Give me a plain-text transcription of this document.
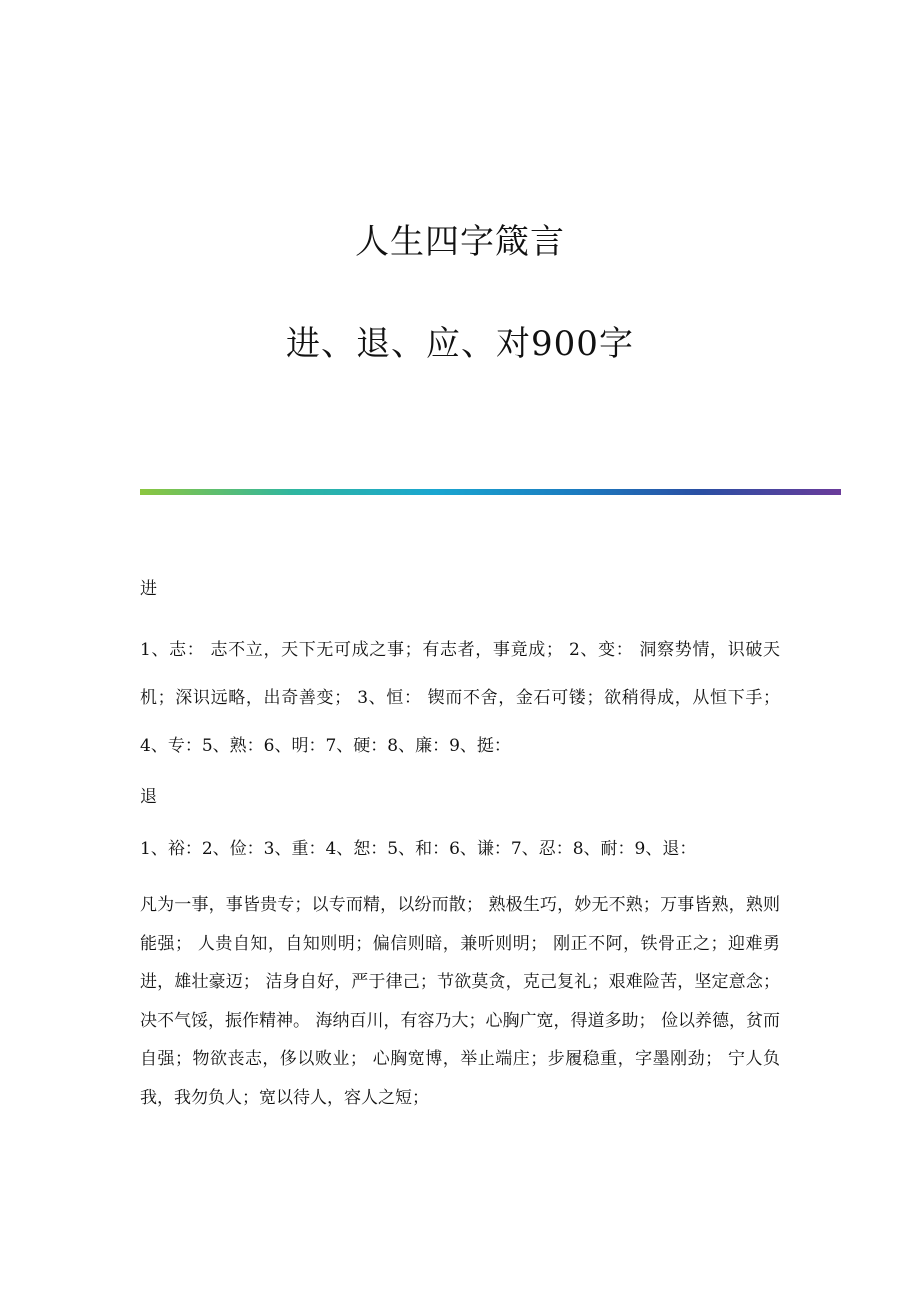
人生四字箴言
进、退、应、对900字

进

1、志： 志不立，天下无可成之事；有志者，事竟成； 2、变： 洞察势情，识破天机；深识远略，出奇善变； 3、恒： 锲而不舍，金石可镂；欲稍得成，从恒下手； 4、专：5、熟：6、明：7、硬：8、廉：9、挺：

退

1、裕：2、俭：3、重：4、恕：5、和：6、谦：7、忍：8、耐：9、退：

凡为一事，事皆贵专；以专而精，以纷而散； 熟极生巧，妙无不熟；万事皆熟，熟则能强； 人贵自知，自知则明；偏信则暗，兼听则明； 刚正不阿，铁骨正之；迎难勇进，雄壮豪迈； 洁身自好，严于律己；节欲莫贪，克己复礼；艰难险苦，坚定意念；决不气馁，振作精神。 海纳百川，有容乃大；心胸广宽，得道多助； 俭以养德，贫而自强；物欲丧志，侈以败业； 心胸宽博，举止端庄；步履稳重，字墨刚劲； 宁人负我，我勿负人；宽以待人，容人之短；
